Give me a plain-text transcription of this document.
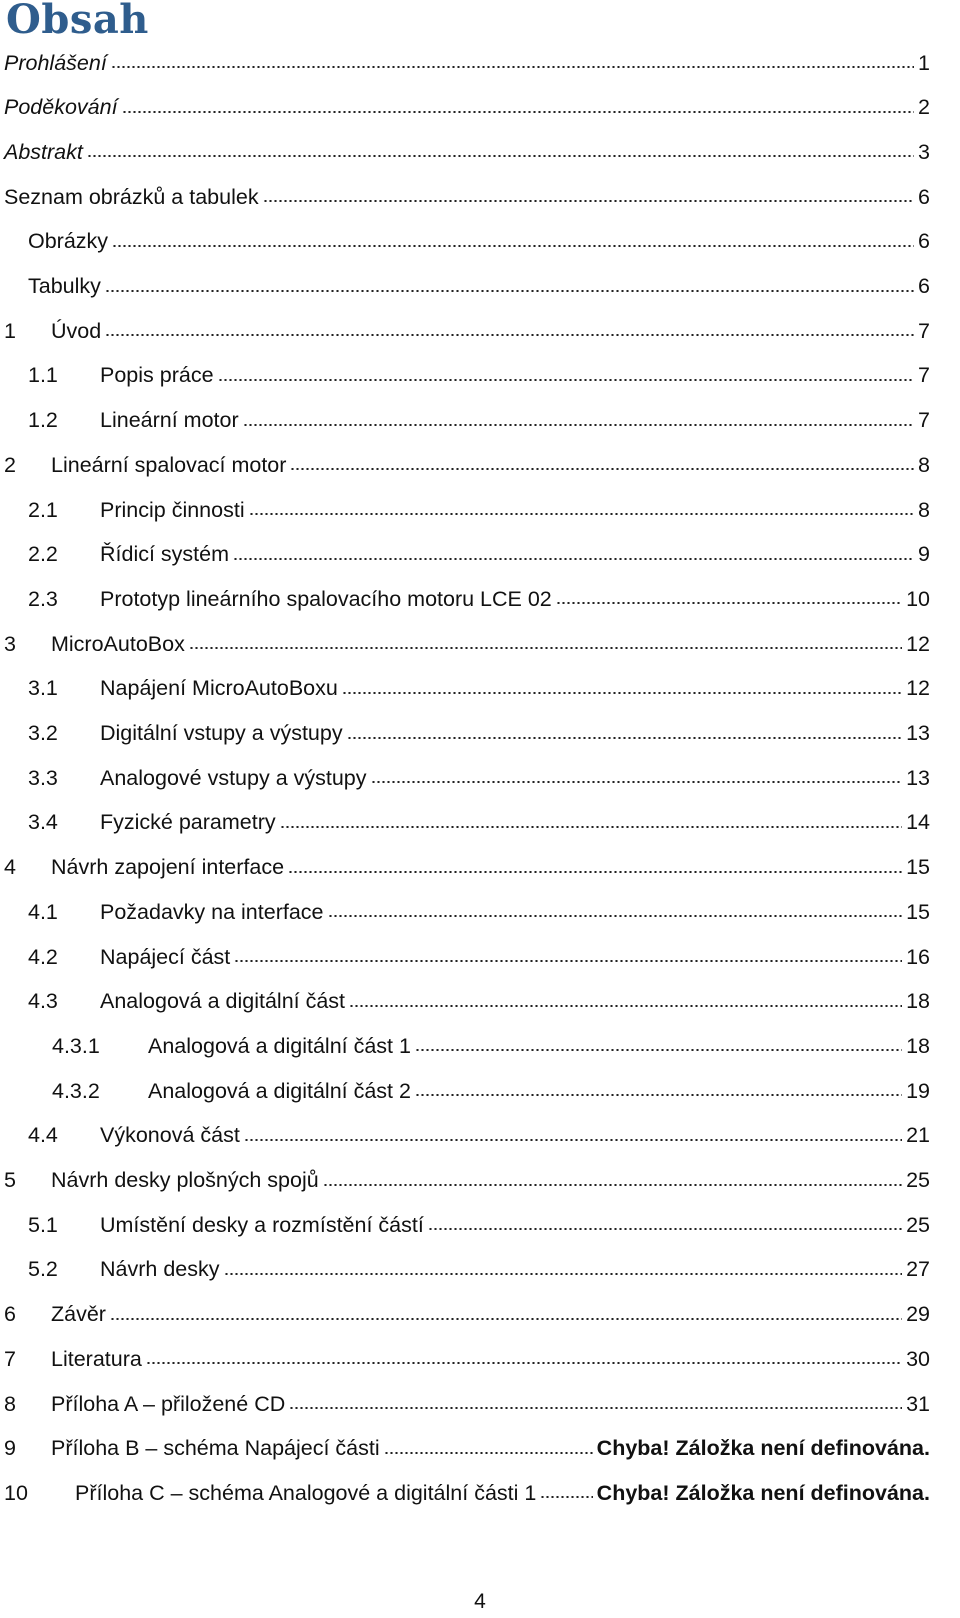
Obsah
Prohlášení	1
Poděkování	2
Abstrakt	3
Seznam obrázků a tabulek	6
Obrázky	6
Tabulky	6
1	Úvod	7
1.1	Popis práce	7
1.2	Lineární motor	7
2	Lineární spalovací motor	8
2.1	Princip činnosti	8
2.2	Řídicí systém	9
2.3	Prototyp lineárního spalovacího motoru LCE 02	10
3	MicroAutoBox	12
3.1	Napájení MicroAutoBoxu	12
3.2	Digitální vstupy a výstupy	13
3.3	Analogové vstupy a výstupy	13
3.4	Fyzické parametry	14
4	Návrh zapojení interface	15
4.1	Požadavky na interface	15
4.2	Napájecí část	16
4.3	Analogová a digitální část	18
4.3.1	Analogová a digitální část 1	18
4.3.2	Analogová a digitální část 2	19
4.4	Výkonová část	21
5	Návrh desky plošných spojů	25
5.1	Umístění desky a rozmístění částí	25
5.2	Návrh desky	27
6	Závěr	29
7	Literatura	30
8	Příloha A – přiložené CD	31
9	Příloha B – schéma Napájecí části	Chyba! Záložka není definována.
10	Příloha C – schéma Analogové a digitální části 1	Chyba! Záložka není definována.
4
